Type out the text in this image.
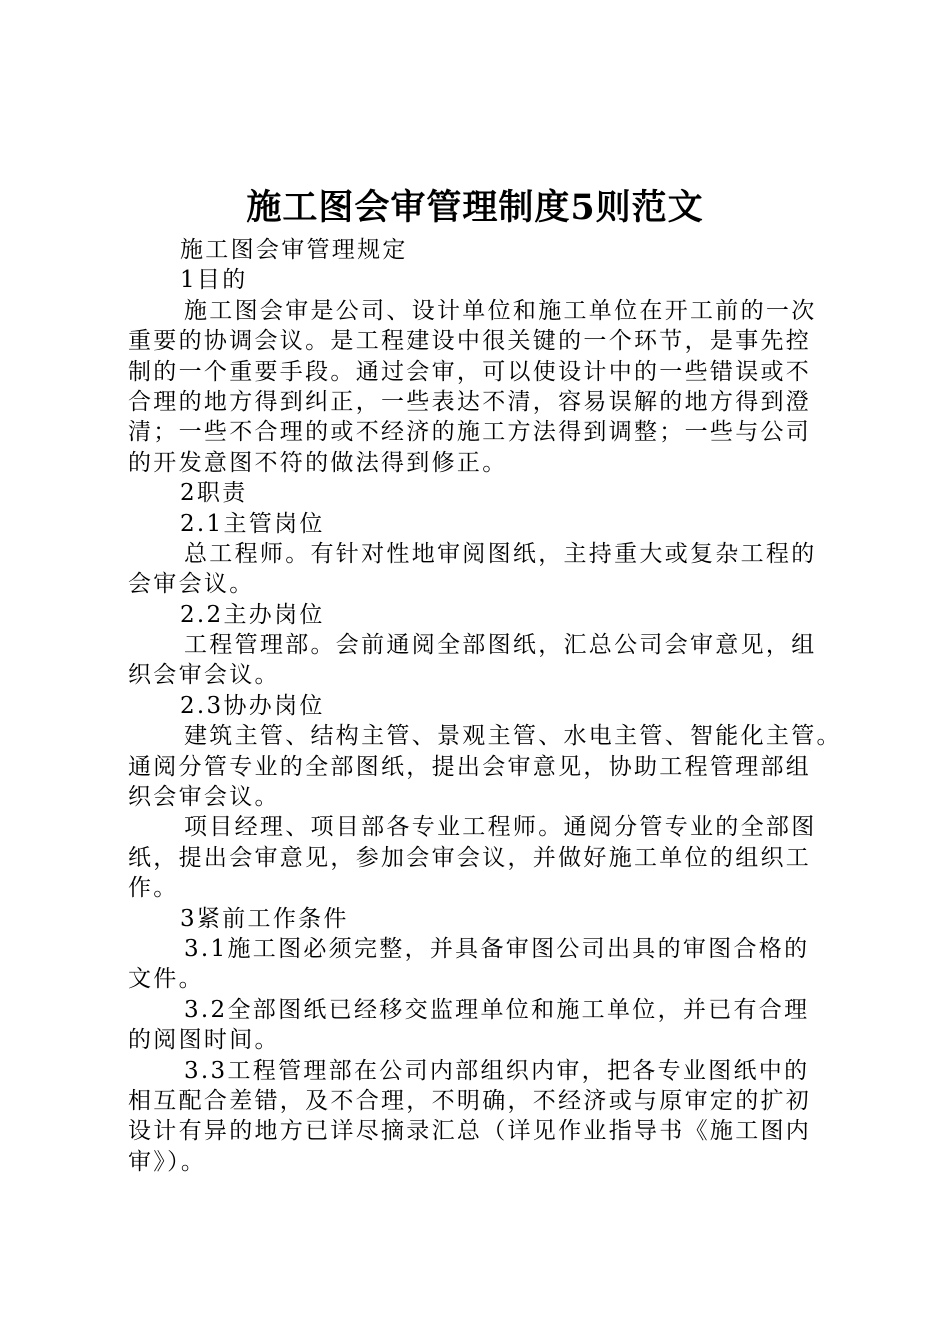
施工图会审管理制度5则范文
施工图会审管理规定
1目的
施工图会审是公司、设计单位和施工单位在开工前的一次
重要的协调会议。是工程建设中很关键的一个环节，是事先控
制的一个重要手段。通过会审，可以使设计中的一些错误或不
合理的地方得到纠正，一些表达不清，容易误解的地方得到澄
清；一些不合理的或不经济的施工方法得到调整；一些与公司
的开发意图不符的做法得到修正。
2职责
2.1主管岗位
总工程师。有针对性地审阅图纸，主持重大或复杂工程的
会审会议。
2.2主办岗位
工程管理部。会前通阅全部图纸，汇总公司会审意见，组
织会审会议。
2.3协办岗位
建筑主管、结构主管、景观主管、水电主管、智能化主管。
通阅分管专业的全部图纸，提出会审意见，协助工程管理部组
织会审会议。
项目经理、项目部各专业工程师。通阅分管专业的全部图
纸，提出会审意见，参加会审会议，并做好施工单位的组织工
作。
3紧前工作条件
3.1施工图必须完整，并具备审图公司出具的审图合格的
文件。
3.2全部图纸已经移交监理单位和施工单位，并已有合理
的阅图时间。
3.3工程管理部在公司内部组织内审，把各专业图纸中的
相互配合差错，及不合理，不明确，不经济或与原审定的扩初
设计有异的地方已详尽摘录汇总（详见作业指导书《施工图内
审》）。
